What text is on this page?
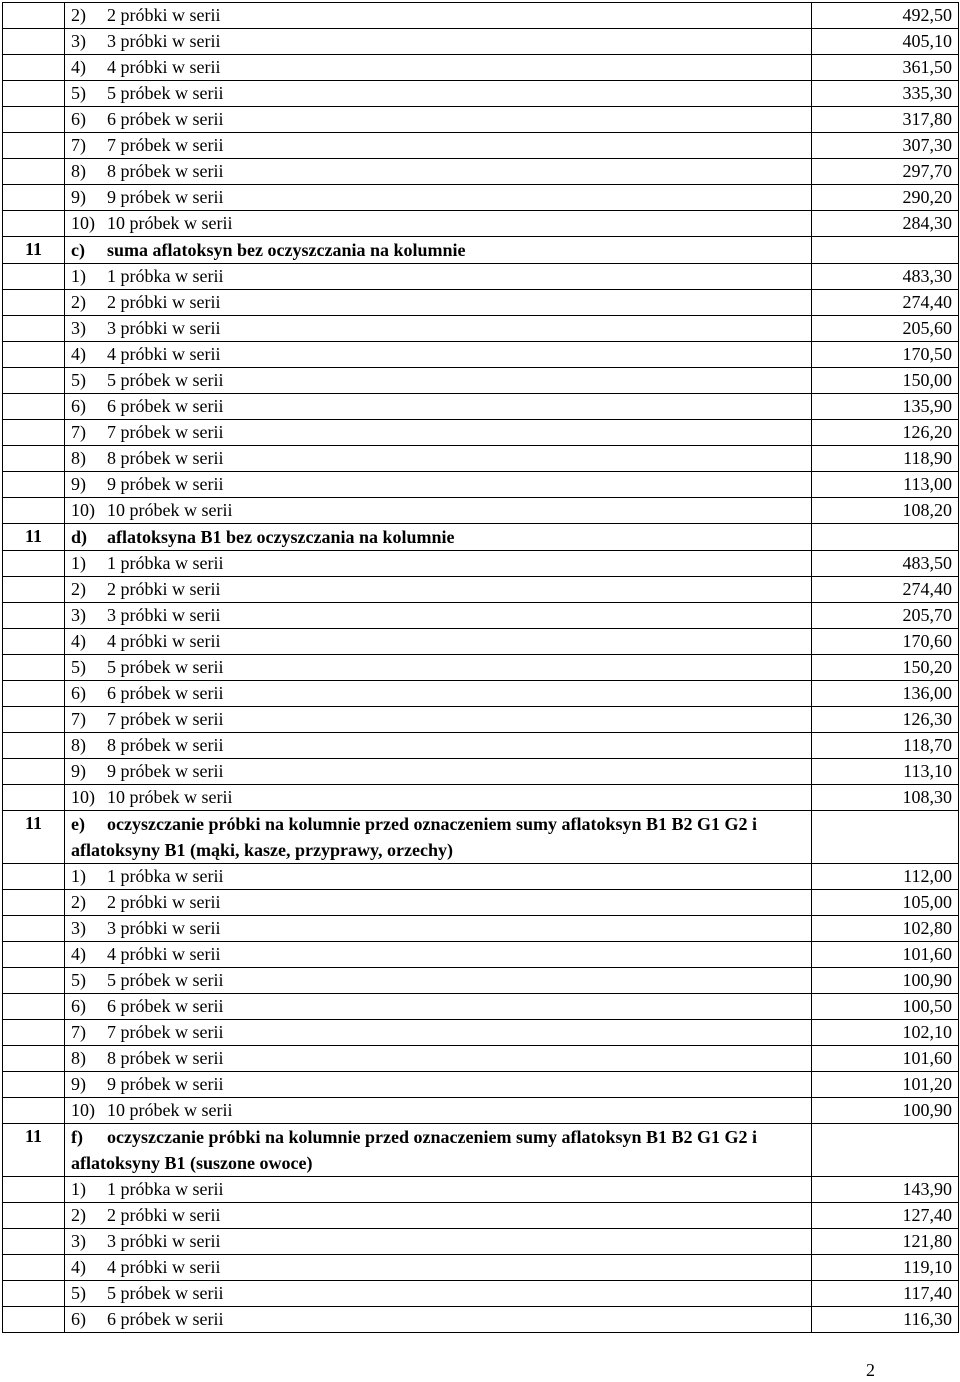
	2) 2 próbki w serii	492,50
	3) 3 próbki w serii	405,10
	4) 4 próbki w serii	361,50
	5) 5 próbek w serii	335,30
	6) 6 próbek w serii	317,80
	7) 7 próbek w serii	307,30
	8) 8 próbek w serii	297,70
	9) 9 próbek w serii	290,20
	10) 10 próbek w serii	284,30
11	c) suma aflatoksyn bez oczyszczania na kolumnie	
	1) 1 próbka w serii	483,30
	2) 2 próbki w serii	274,40
	3) 3 próbki w serii	205,60
	4) 4 próbki w serii	170,50
	5) 5 próbek w serii	150,00
	6) 6 próbek w serii	135,90
	7) 7 próbek w serii	126,20
	8) 8 próbek w serii	118,90
	9) 9 próbek w serii	113,00
	10) 10 próbek w serii	108,20
11	d) aflatoksyna B1 bez oczyszczania na kolumnie	
	1) 1 próbka w serii	483,50
	2) 2 próbki w serii	274,40
	3) 3 próbki w serii	205,70
	4) 4 próbki w serii	170,60
	5) 5 próbek w serii	150,20
	6) 6 próbek w serii	136,00
	7) 7 próbek w serii	126,30
	8) 8 próbek w serii	118,70
	9) 9 próbek w serii	113,10
	10) 10 próbek w serii	108,30
11	e) oczyszczanie próbki na kolumnie przed oznaczeniem sumy aflatoksyn B1 B2 G1 G2 i aflatoksyny B1 (mąki, kasze, przyprawy, orzechy)	
	1) 1 próbka w serii	112,00
	2) 2 próbki w serii	105,00
	3) 3 próbki w serii	102,80
	4) 4 próbki w serii	101,60
	5) 5 próbek w serii	100,90
	6) 6 próbek w serii	100,50
	7) 7 próbek w serii	102,10
	8) 8 próbek w serii	101,60
	9) 9 próbek w serii	101,20
	10) 10 próbek w serii	100,90
11	f) oczyszczanie próbki na kolumnie przed oznaczeniem sumy aflatoksyn B1 B2 G1 G2 i aflatoksyny B1 (suszone owoce)	
	1) 1 próbka w serii	143,90
	2) 2 próbki w serii	127,40
	3) 3 próbki w serii	121,80
	4) 4 próbki w serii	119,10
	5) 5 próbek w serii	117,40
	6) 6 próbek w serii	116,30
2
